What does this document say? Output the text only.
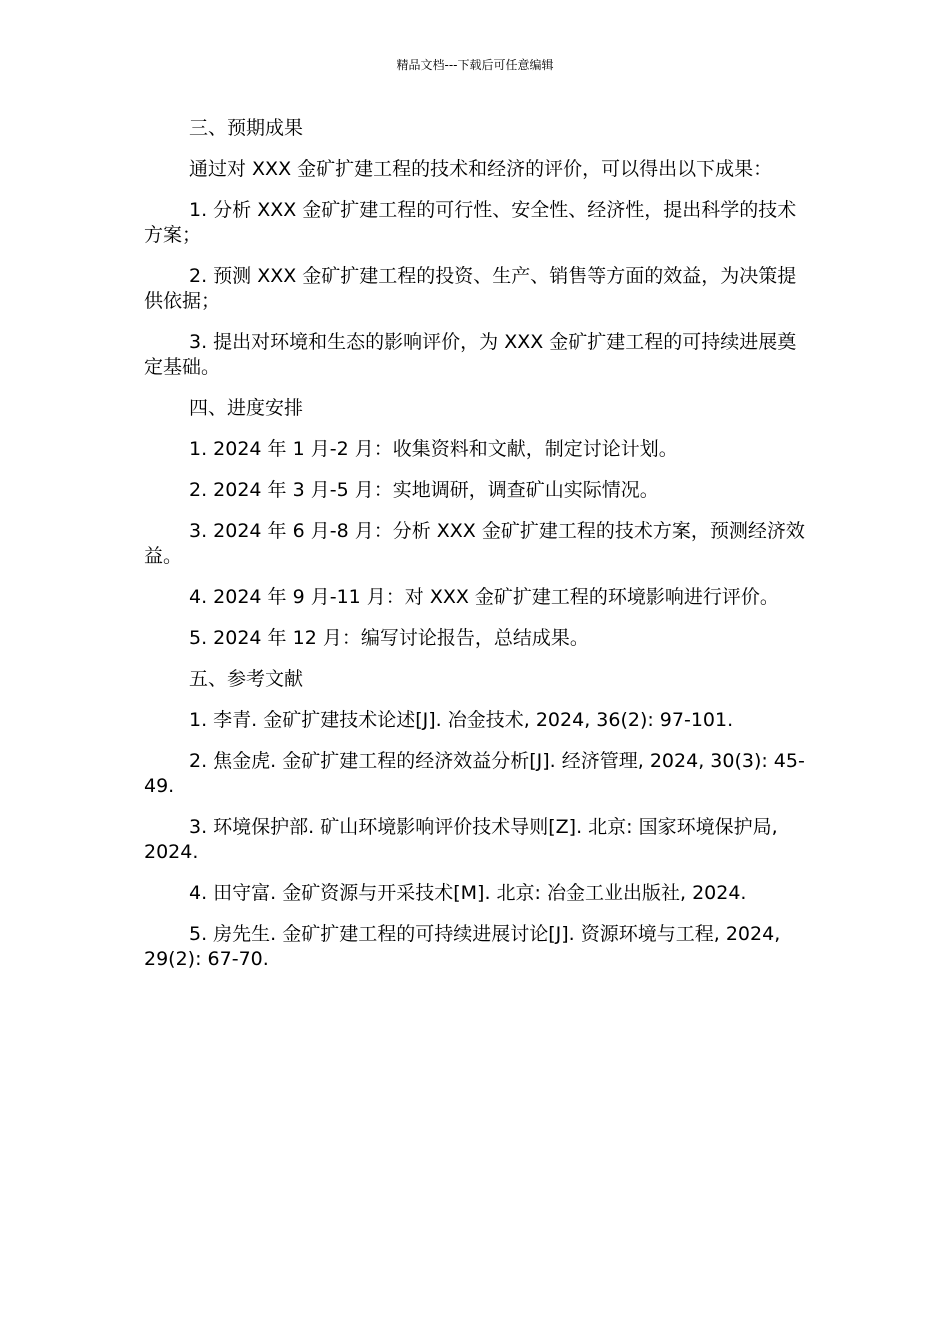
精品文档---下载后可任意编辑

三、预期成果

通过对 XXX 金矿扩建工程的技术和经济的评价，可以得出以下成果：

1. 分析 XXX 金矿扩建工程的可行性、安全性、经济性，提出科学的技术方案；

2. 预测 XXX 金矿扩建工程的投资、生产、销售等方面的效益，为决策提供依据；

3. 提出对环境和生态的影响评价，为 XXX 金矿扩建工程的可持续进展奠定基础。

四、进度安排

1. 2024 年 1 月-2 月：收集资料和文献，制定讨论计划。

2. 2024 年 3 月-5 月：实地调研，调查矿山实际情况。

3. 2024 年 6 月-8 月：分析 XXX 金矿扩建工程的技术方案，预测经济效益。

4. 2024 年 9 月-11 月：对 XXX 金矿扩建工程的环境影响进行评价。

5. 2024 年 12 月：编写讨论报告，总结成果。

五、参考文献

1. 李青. 金矿扩建技术论述[J]. 冶金技术, 2024, 36(2): 97-101.

2. 焦金虎. 金矿扩建工程的经济效益分析[J]. 经济管理, 2024, 30(3): 45-49.

3. 环境保护部. 矿山环境影响评价技术导则[Z]. 北京: 国家环境保护局, 2024.

4. 田守富. 金矿资源与开采技术[M]. 北京: 冶金工业出版社, 2024.

5. 房先生. 金矿扩建工程的可持续进展讨论[J]. 资源环境与工程, 2024, 29(2): 67-70.
